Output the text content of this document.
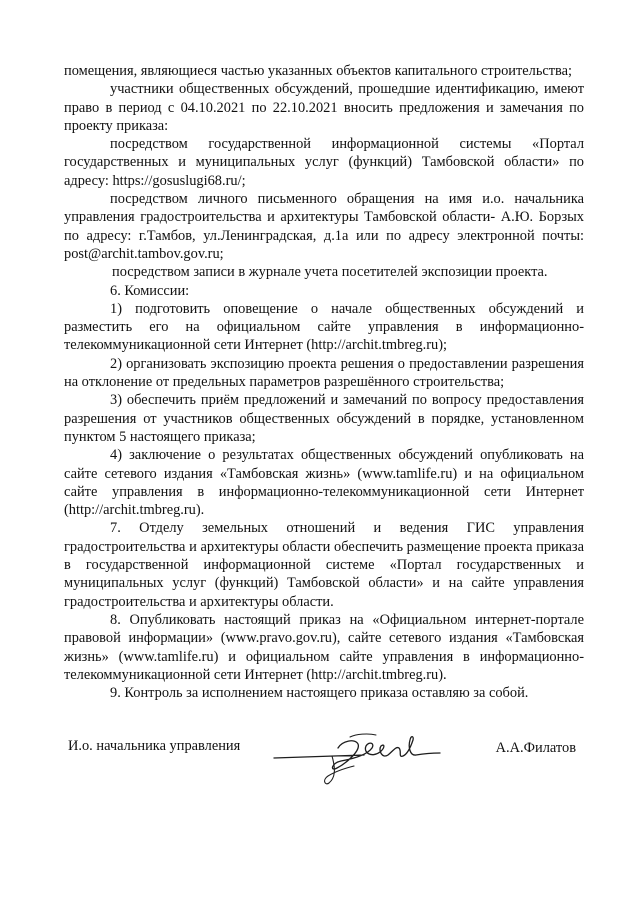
помещения, являющиеся частью указанных объектов капитального строительства;

участники общественных обсуждений, прошедшие идентификацию, имеют право в период с 04.10.2021 по 22.10.2021 вносить предложения и замечания по проекту приказа:

посредством государственной информационной системы «Портал государственных и муниципальных услуг (функций) Тамбовской области» по адресу: https://gosuslugi68.ru/;

посредством личного письменного обращения на имя и.о. начальника управления градостроительства и архитектуры Тамбовской области- А.Ю. Борзых по адресу: г.Тамбов, ул.Ленинградская, д.1а или по адресу электронной почты: post@archit.tambov.gov.ru;

посредством записи в журнале учета посетителей экспозиции проекта.

6. Комиссии:

1) подготовить оповещение о начале общественных обсуждений и разместить его на официальном сайте управления в информационно-телекоммуникационной сети Интернет (http://archit.tmbreg.ru);

2) организовать экспозицию проекта решения о предоставлении разрешения на отклонение от предельных параметров разрешённого строительства;

3) обеспечить приём предложений и замечаний по вопросу предоставления разрешения от участников общественных обсуждений в порядке, установленном пунктом 5 настоящего приказа;

4) заключение о результатах общественных обсуждений опубликовать на сайте сетевого издания «Тамбовская жизнь» (www.tamlife.ru) и на официальном сайте управления в информационно-телекоммуникационной сети Интернет (http://archit.tmbreg.ru).

7. Отделу земельных отношений и ведения ГИС управления градостроительства и архитектуры области обеспечить размещение проекта приказа в государственной информационной системе «Портал государственных и муниципальных услуг (функций) Тамбовской области» и на сайте управления градостроительства и архитектуры области.

8. Опубликовать настоящий приказ на «Официальном интернет-портале правовой информации» (www.pravo.gov.ru), сайте сетевого издания «Тамбовская жизнь» (www.tamlife.ru) и официальном сайте управления в информационно-телекоммуникационной сети Интернет (http://archit.tmbreg.ru).

9. Контроль за исполнением настоящего приказа оставляю за собой.

И.о. начальника управления	А.А.Филатов
